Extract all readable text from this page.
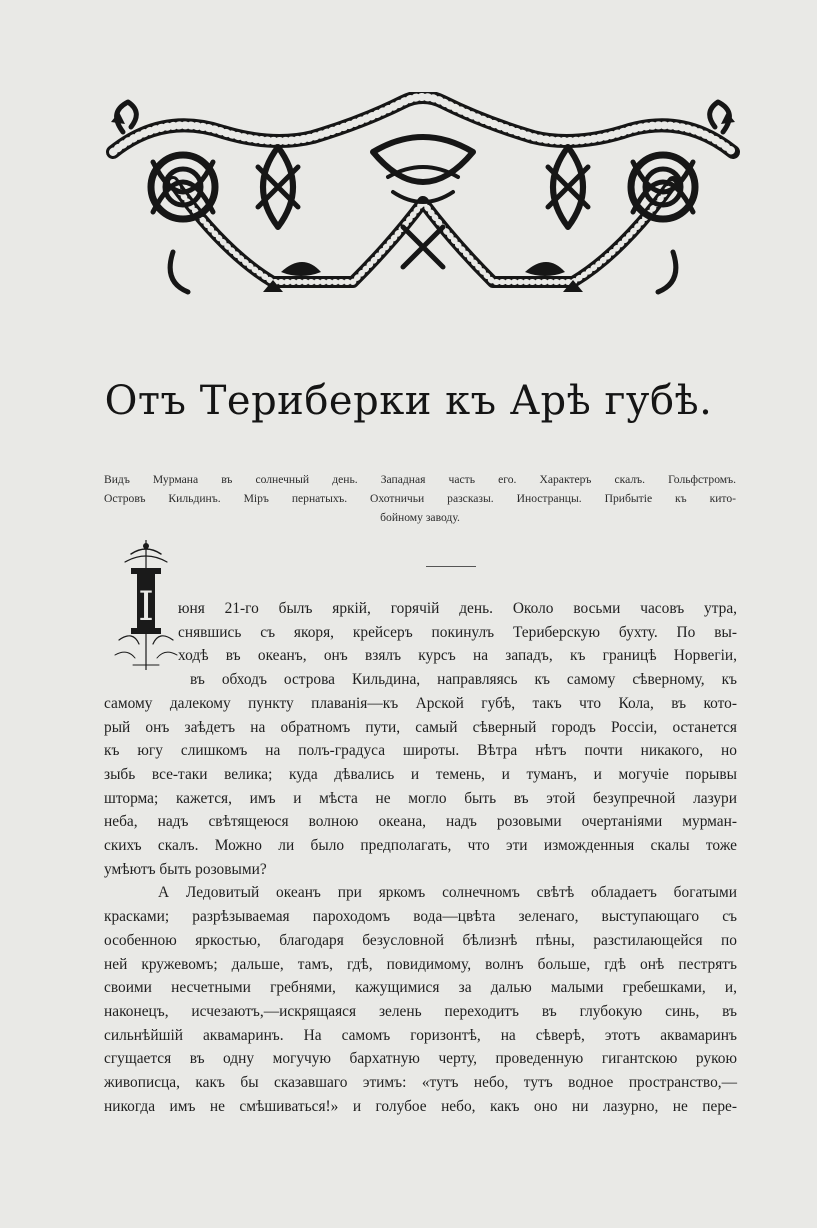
Отъ Териберки къ Арѣ губѣ.
Видъ Мурмана въ солнечный день. Западная часть его. Характеръ скалъ. Гольфстромъ.
Островъ Кильдинъ. Міръ пернатыхъ. Охотничьи разсказы. Иностранцы. Прибытіе къ кито-
бойному заводу.
I	юня 21-го былъ яркій, горячій день. Около восьми часовъ утра,
снявшись съ якоря, крейсеръ покинулъ Териберскую бухту. По вы-
ходѣ въ океанъ, онъ взялъ курсъ на западъ, къ границѣ Норвегіи,
въ обходъ острова Кильдина, направляясь къ самому сѣверному, къ
самому далекому пункту плаванія—къ Арской губѣ, такъ что Кола, въ кото-
рый онъ заѣдетъ на обратномъ пути, самый сѣверный городъ Россіи, останется
къ югу слишкомъ на полъ-градуса широты. Вѣтра нѣтъ почти никакого, но
зыбь все-таки велика; куда дѣвались и темень, и туманъ, и могучіе порывы
шторма; кажется, имъ и мѣста не могло быть въ этой безупречной лазури
неба, надъ свѣтящеюся волною океана, надъ розовыми очертаніями мурман-
скихъ скалъ. Можно ли было предполагать, что эти изможденныя скалы тоже
умѣютъ быть розовыми?

А Ледовитый океанъ при яркомъ солнечномъ свѣтѣ обладаетъ богатыми
красками; разрѣзываемая пароходомъ вода—цвѣта зеленаго, выступающаго съ
особенною яркостью, благодаря безусловной бѣлизнѣ пѣны, разстилающейся по
ней кружевомъ; дальше, тамъ, гдѣ, повидимому, волнъ больше, гдѣ онѣ пестрятъ
своими несчетными гребнями, кажущимися за далью малыми гребешками, и,
наконецъ, исчезаютъ,—искрящаяся зелень переходитъ въ глубокую синь, въ
сильнѣйшій аквамаринъ. На самомъ горизонтѣ, на сѣверѣ, этотъ аквамаринъ
сгущается въ одну могучую бархатную черту, проведенную гигантскою рукою
живописца, какъ бы сказавшаго этимъ: «тутъ небо, тутъ водное пространство,—
никогда имъ не смѣшиваться!» и голубое небо, какъ оно ни лазурно, не пере-
